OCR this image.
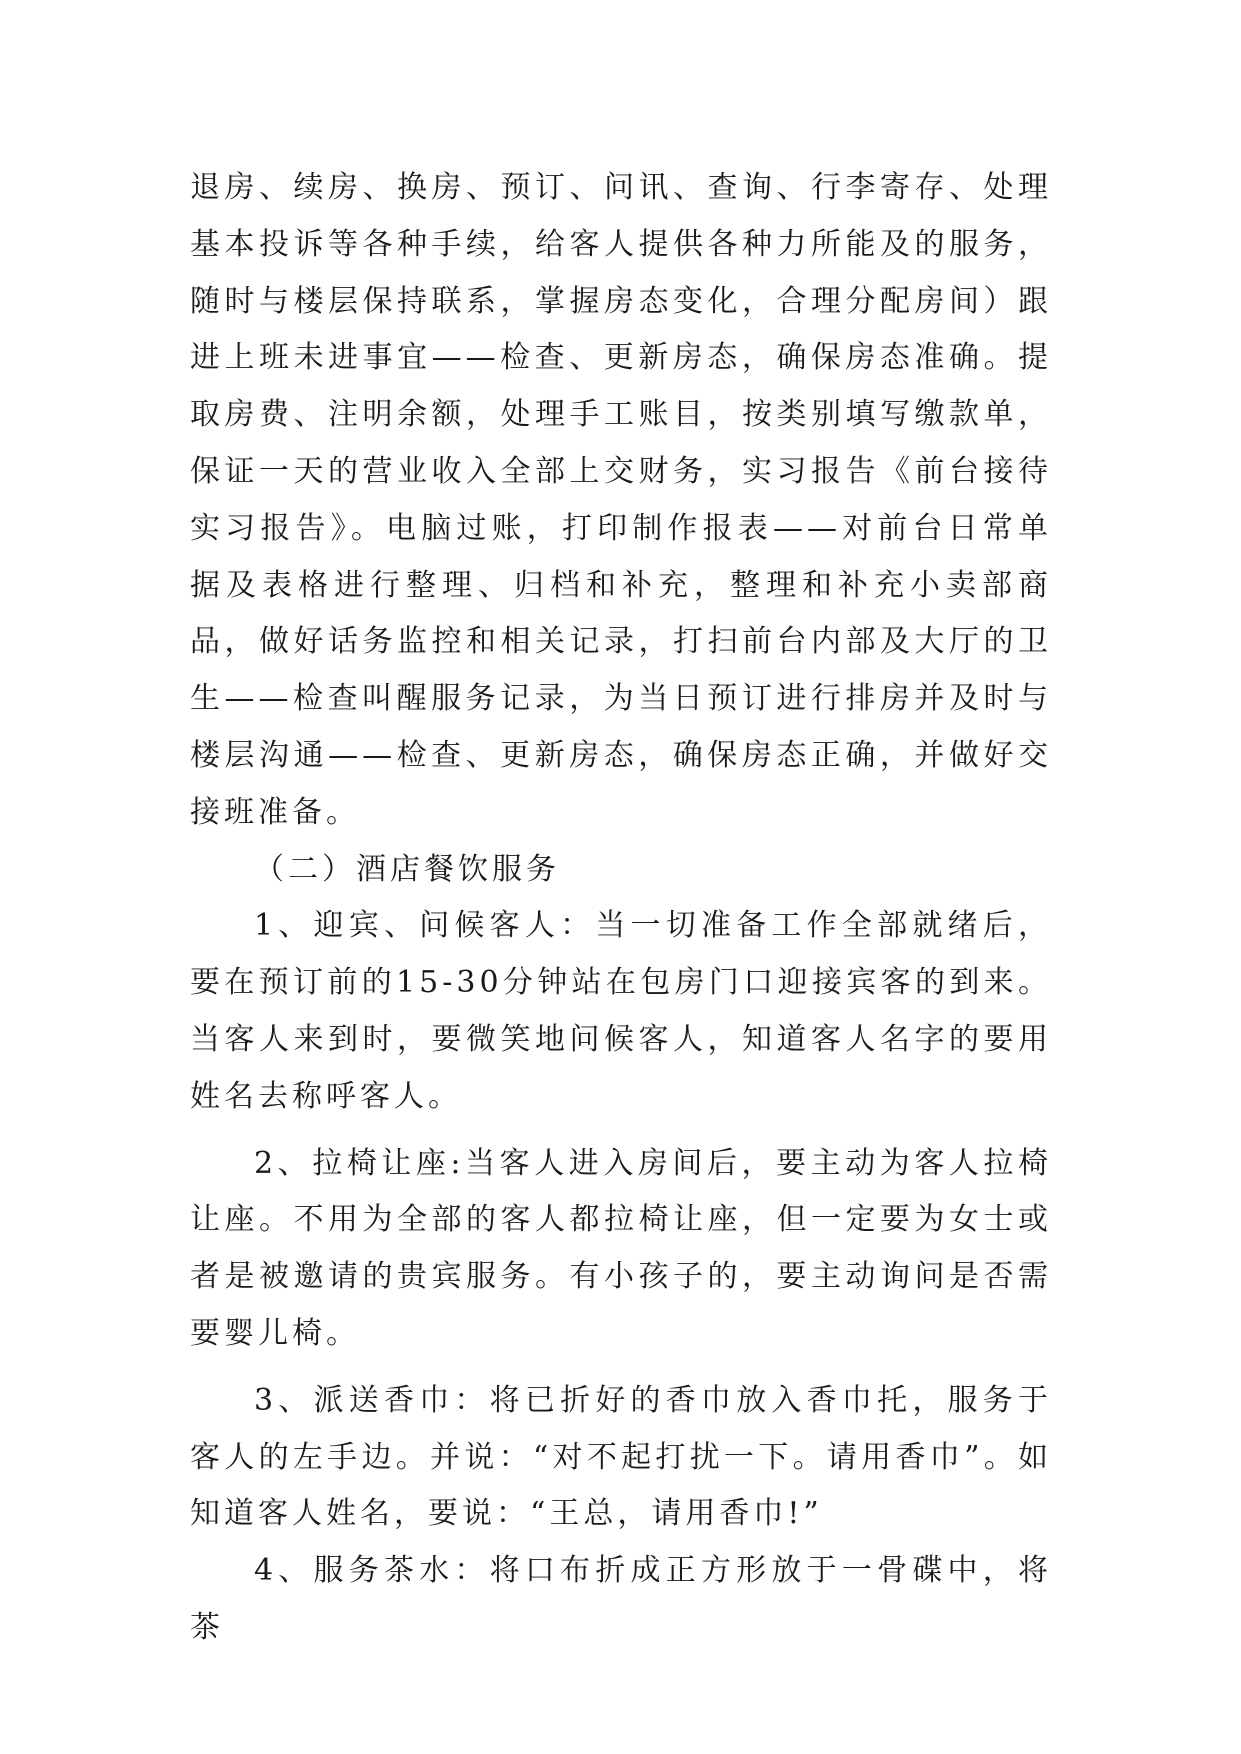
退房、续房、换房、预订、问讯、查询、行李寄存、处理基本投诉等各种手续，给客人提供各种力所能及的服务，随时与楼层保持联系，掌握房态变化，合理分配房间）跟进上班未进事宜——检查、更新房态，确保房态准确。提取房费、注明余额，处理手工账目，按类别填写缴款单，保证一天的营业收入全部上交财务，实习报告《前台接待实习报告》。电脑过账，打印制作报表——对前台日常单据及表格进行整理、归档和补充，整理和补充小卖部商品，做好话务监控和相关记录，打扫前台内部及大厅的卫生——检查叫醒服务记录，为当日预订进行排房并及时与楼层沟通——检查、更新房态，确保房态正确，并做好交接班准备。

（二）酒店餐饮服务

1、迎宾、问候客人：当一切准备工作全部就绪后，要在预订前的15-30分钟站在包房门口迎接宾客的到来。当客人来到时，要微笑地问候客人，知道客人名字的要用姓名去称呼客人。

2、拉椅让座:当客人进入房间后，要主动为客人拉椅让座。不用为全部的客人都拉椅让座，但一定要为女士或者是被邀请的贵宾服务。有小孩子的，要主动询问是否需要婴儿椅。

3、派送香巾：将已折好的香巾放入香巾托，服务于客人的左手边。并说：“对不起打扰一下。请用香巾”。如知道客人姓名，要说：“王总，请用香巾!”

4、服务茶水：将口布折成正方形放于一骨碟中，将茶
